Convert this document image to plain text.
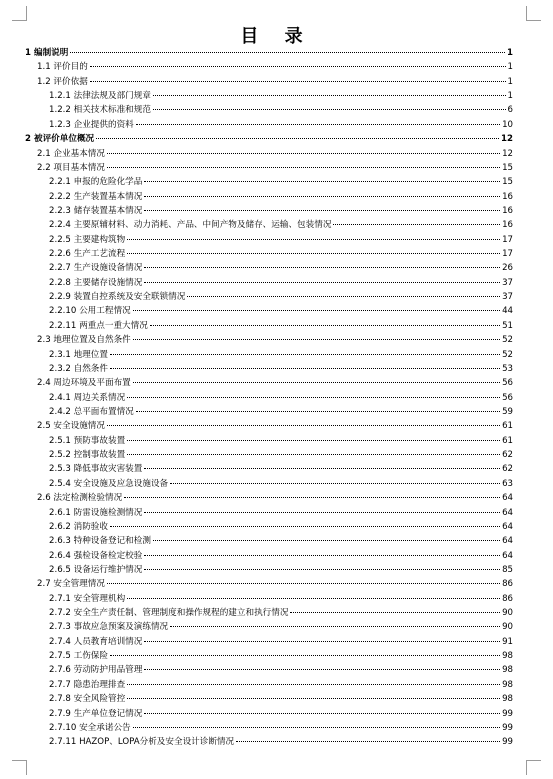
目 录
1 编制说明	1
1.1 评价目的	1
1.2 评价依据	1
1.2.1 法律法规及部门规章	1
1.2.2 相关技术标准和规范	6
1.2.3 企业提供的资料	10
2 被评价单位概况	12
2.1 企业基本情况	12
2.2 项目基本情况	15
2.2.1 申报的危险化学品	15
2.2.2 生产装置基本情况	16
2.2.3 储存装置基本情况	16
2.2.4 主要原辅材料、动力消耗、产品、中间产物及储存、运输、包装情况	16
2.2.5 主要建构筑物	17
2.2.6 生产工艺流程	17
2.2.7 生产设施设备情况	26
2.2.8 主要储存设施情况	37
2.2.9 装置自控系统及安全联锁情况	37
2.2.10 公用工程情况	44
2.2.11 两重点一重大情况	51
2.3 地理位置及自然条件	52
2.3.1 地理位置	52
2.3.2 自然条件	53
2.4 周边环境及平面布置	56
2.4.1 周边关系情况	56
2.4.2 总平面布置情况	59
2.5 安全设施情况	61
2.5.1 预防事故装置	61
2.5.2 控制事故装置	62
2.5.3 降低事故灾害装置	62
2.5.4 安全设施及应急设施设备	63
2.6 法定检测检验情况	64
2.6.1 防雷设施检测情况	64
2.6.2 消防验收	64
2.6.3 特种设备登记和检测	64
2.6.4 强检设备检定校验	64
2.6.5 设备运行维护情况	85
2.7 安全管理情况	86
2.7.1 安全管理机构	86
2.7.2 安全生产责任制、管理制度和操作规程的建立和执行情况	90
2.7.3 事故应急预案及演练情况	90
2.7.4 人员教育培训情况	91
2.7.5 工伤保险	98
2.7.6 劳动防护用品管理	98
2.7.7 隐患治理排查	98
2.7.8 安全风险管控	98
2.7.9 生产单位登记情况	99
2.7.10 安全承诺公告	99
2.7.11 HAZOP、LOPA分析及安全设计诊断情况	99
